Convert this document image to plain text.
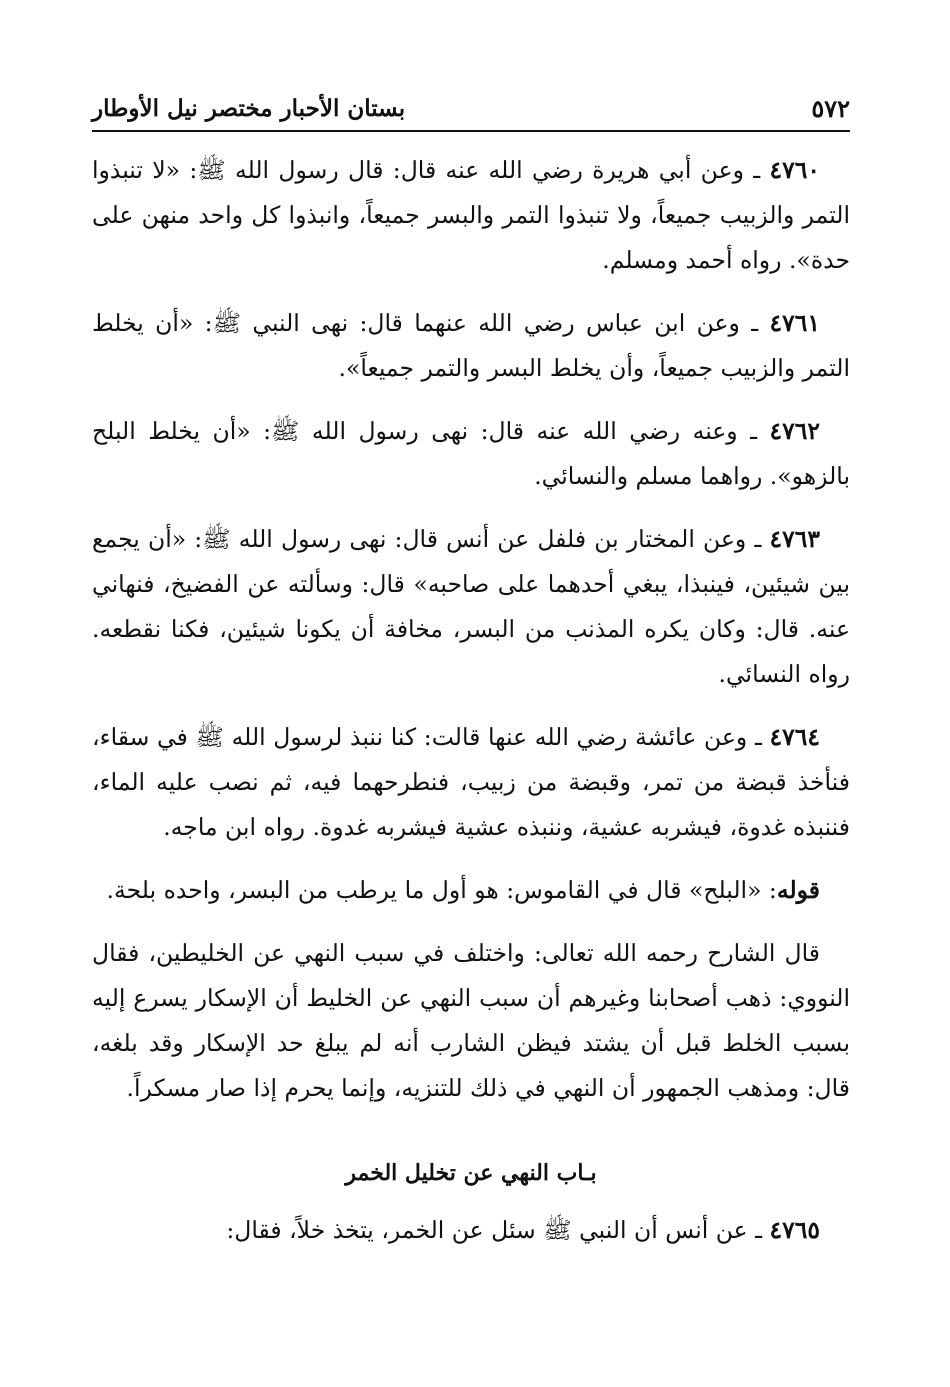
٥٧٢
بستان الأحبار مختصر نيل الأوطار

٤٧٦٠ ـ وعن أبي هريرة رضي الله عنه قال: قال رسول الله ﷺ: «لا تنبذوا التمر والزبيب جميعاً، ولا تنبذوا التمر والبسر جميعاً، وانبذوا كل واحد منهن على حدة». رواه أحمد ومسلم.

٤٧٦١ ـ وعن ابن عباس رضي الله عنهما قال: نهى النبي ﷺ: «أن يخلط التمر والزبيب جميعاً، وأن يخلط البسر والتمر جميعاً».

٤٧٦٢ ـ وعنه رضي الله عنه قال: نهى رسول الله ﷺ: «أن يخلط البلح بالزهو». رواهما مسلم والنسائي.

٤٧٦٣ ـ وعن المختار بن فلفل عن أنس قال: نهى رسول الله ﷺ: «أن يجمع بين شيئين، فينبذا، يبغي أحدهما على صاحبه» قال: وسألته عن الفضيخ، فنهاني عنه. قال: وكان يكره المذنب من البسر، مخافة أن يكونا شيئين، فكنا نقطعه. رواه النسائي.

٤٧٦٤ ـ وعن عائشة رضي الله عنها قالت: كنا ننبذ لرسول الله ﷺ في سقاء، فنأخذ قبضة من تمر، وقبضة من زبيب، فنطرحهما فيه، ثم نصب عليه الماء، فننبذه غدوة، فيشربه عشية، وننبذه عشية فيشربه غدوة. رواه ابن ماجه.

قوله: «البلح» قال في القاموس: هو أول ما يرطب من البسر، واحده بلحة.

قال الشارح رحمه الله تعالى: واختلف في سبب النهي عن الخليطين، فقال النووي: ذهب أصحابنا وغيرهم أن سبب النهي عن الخليط أن الإسكار يسرع إليه بسبب الخلط قبل أن يشتد فيظن الشارب أنه لم يبلغ حد الإسكار وقد بلغه، قال: ومذهب الجمهور أن النهي في ذلك للتنزيه، وإنما يحرم إذا صار مسكراً.

بـاب النهي عن تخليل الخمر

٤٧٦٥ ـ عن أنس أن النبي ﷺ سئل عن الخمر، يتخذ خلاً، فقال:
